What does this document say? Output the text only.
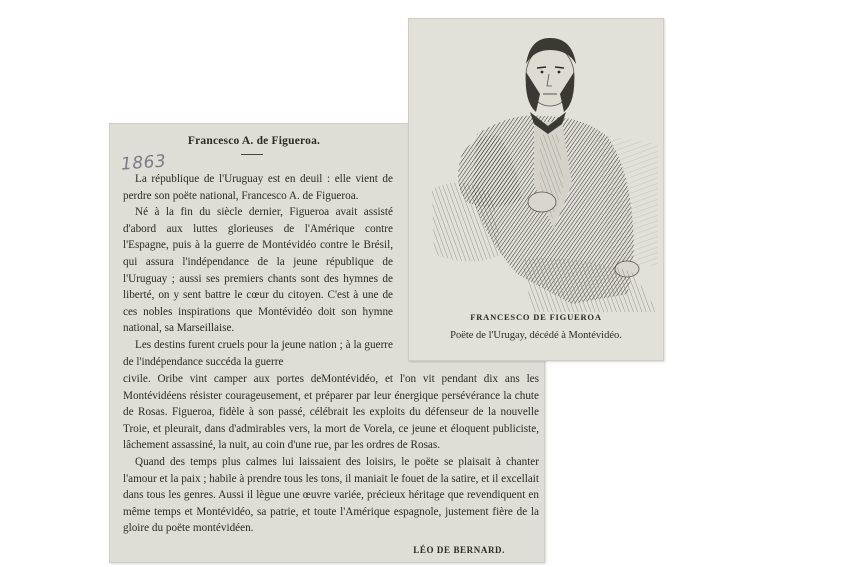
Francesco A. de Figueroa.
1863

La république de l'Uruguay est en deuil : elle vient de perdre son poëte national, Francesco A. de Figueroa.

Né à la fin du siècle dernier, Figueroa avait assisté d'abord aux luttes glorieuses de l'Amérique contre l'Espagne, puis à la guerre de Montévidéo contre le Brésil, qui assura l'indépendance de la jeune république de l'Uruguay ; aussi ses premiers chants sont des hymnes de liberté, on y sent battre le cœur du citoyen. C'est à une de ces nobles inspirations que Montévidéo doit son hymne national, sa Marseillaise.

Les destins furent cruels pour la jeune nation ; à la guerre de l'indépendance succéda la guerre

civile. Oribe vint camper aux portes deMontévidéo, et l'on vit pendant dix ans les Montévidéens résister courageusement, et préparer par leur énergique persévérance la chute de Rosas. Figueroa, fidèle à son passé, célébrait les exploits du défenseur de la nouvelle Troie, et pleurait, dans d'admirables vers, la mort de Vorela, ce jeune et éloquent publiciste, lâchement assassiné, la nuit, au coin d'une rue, par les ordres de Rosas.

Quand des temps plus calmes lui laissaient des loisirs, le poëte se plaisait à chanter l'amour et la paix ; habile à prendre tous les tons, il maniait le fouet de la satire, et il excellait dans tous les genres. Aussi il lègue une œuvre variée, précieux héritage que revendiquent en même temps et Montévidéo, sa patrie, et toute l'Amérique espagnole, justement fière de la gloire du poëte montévidéen.

LÉO DE BERNARD.
FRANCESCO DE FIGUEROA
Poëte de l'Urugay, décédé à Montévidéo.
